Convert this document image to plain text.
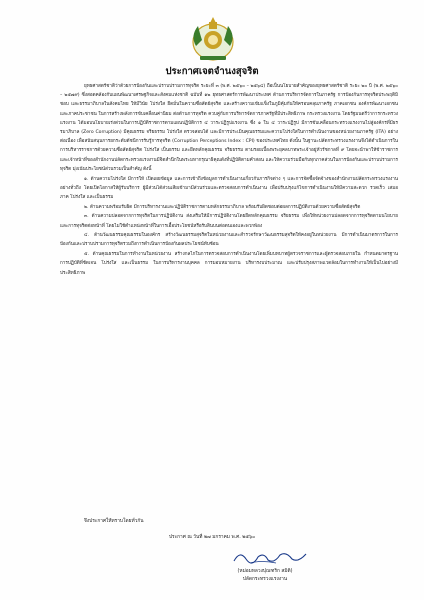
ประกาศเจตจำนงสุจริต

ยุทธศาสตร์ชาติว่าด้วยการป้องกันและปราบปรามการทุจริต ระยะที่ ๓ (พ.ศ. ๒๕๖๐ – ๒๕๖๔) ถือเป็นนโยบายสำคัญของยุทธศาสตร์ชาติ ระยะ ๒๐ ปี (พ.ศ. ๒๕๖๐ – ๒๕๗๙) ซึ่งสอดคล้องกับแผนพัฒนาเศรษฐกิจและสังคมแห่งชาติ ฉบับที่ ๑๒ ยุทธศาสตร์การพัฒนาประเทศ ด้านการบริหารจัดการในภาครัฐ การป้องกันการทุจริตประพฤติมิชอบ และธรรมาภิบาลในสังคมไทย ให้มีวินัย โปร่งใส ยึดมั่นในความซื่อสัตย์สุจริต และสร้างความเข้มแข็งในภูมิคุ้มกันให้ครอบคลุมภาครัฐ ภาคเอกชน องค์กรพัฒนาเอกชน และภาคประชาชน ในการสร้างพลังการขับเคลื่อนค่านิยม ต่อต้านการทุจริต ควบคู่กับการบริหารจัดการภาครัฐที่มีประสิทธิภาพ กระทรวงแรงงาน โดยรัฐมนตรีว่าการกระทรวงแรงงาน ได้มอบนโยบายเร่งด่วนในการปฏิบัติราชการตามแผนปฏิบัติการ ๔ วาระปฏิรูปแรงงาน ซึ่ง ๑ ใน ๔ วาระปฏิรูป มีการขับเคลื่อนกระทรวงแรงงานไปสู่องค์กรที่มีธรรมาภิบาล (Zero Corruption) มีคุณธรรม จริยธรรม โปร่งใส ตรวจสอบได้ และมีการประเมินคุณธรรมและความโปร่งใสในการดำเนินงานของหน่วยงานภาครัฐ (ITA) อย่างต่อเนื่อง เพื่อสนับสนุนการยกระดับดัชนีการรับรู้การทุจริต (Corruption Perceptions Index : CPI) ของประเทศไทย ดังนั้น ในฐานะปลัดกระทรวงแรงงานจึงได้ดำเนินการในการบริหารราชการด้วยความซื่อสัตย์สุจริต โปร่งใส เป็นธรรม และยึดหลักคุณธรรม จริยธรรม ตามรอยเบื้องพระยุคลบาทพระเจ้าอยู่หัวรัชกาลที่ ๙ โดยจะนำพาให้ข้าราชการและเจ้าหน้าที่ของสำนักงานปลัดกระทรวงแรงงานมีจิตสำนึกในพระมหากรุณาธิคุณดังที่ปฏิบัติตามคำสอน และให้ความร่วมมือกับทุกภาคส่วนในการป้องกันและปราบปรามการทุจริต มุ่งเน้นประโยชน์ส่วนรวมเป็นสำคัญ ดังนี้

๑. ด้านความโปร่งใส มีการให้ เปิดเผยข้อมูล และการเข้าถึงข้อมูลการดำเนินงานเกี่ยวกับภารกิจต่าง ๆ และการจัดซื้อจัดจ้างของสำนักงานปลัดกระทรวงแรงงานอย่างทั่วถึง โดยเปิดโอกาสให้ผู้รับบริการ ผู้มีส่วนได้ส่วนเสียเข้ามามีส่วนร่วมและตรวจสอบการดำเนินงาน เพื่อปรับปรุงแก้ไขการดำเนินงานให้มีความสะดวก รวดเร็ว เสมอภาค โปร่งใส และเป็นธรรม

๒. ด้านความพร้อมรับผิด มีการบริหารงานและปฏิบัติราชการตามหลักธรรมาภิบาล พร้อมรับผิดชอบต่อผลการปฏิบัติงานด้วยความซื่อสัตย์สุจริต

๓. ด้านความปลอดจากการทุจริตในการปฏิบัติงาน ส่งเสริมให้มีการปฏิบัติงานโดยยึดหลักคุณธรรม จริยธรรม เพื่อให้หน่วยงานปลอดจากการทุจริตตามนโยบายและการทุจริตต่อหน้าที่ โดยไม่ใช้ตำแหน่งหน้าที่ในการเอื้อประโยชน์หรือรับสินบนต่อตนเองและพวกพ้อง

๔. ด้านวัฒนธรรมคุณธรรมในองค์กร สร้างวัฒนธรรมสุจริตในหน่วยงานและสำรวจรักษาวัฒนธรรมสุจริตให้คงอยู่ในหน่วยงาน มีการดำเนินมาตรการในการป้องกันและปราบปรามการทุจริตรวมถึงการดำเนินการป้องกันผลประโยชน์ทับซ้อน

๕. ด้านคุณธรรมในการทำงานในหน่วยงาน สร้างกลไกในการตรวจสอบการดำเนินงานโดยเพิ่มบทบาทผู้ตรวจราชการและผู้ตรวจสอบภายใน กำหนดมาตรฐานการปฏิบัติที่ชัดเจน โปร่งใส และเป็นธรรม ในการบริหารงานบุคคล การมอบหมายงาน บริหารงบประมาณ และปรับปรุงสภาพแวดล้อมในการทำงานให้เป็นไปอย่างมีประสิทธิภาพ

จึงประกาศให้ทราบโดยทั่วกัน
ประกาศ ณ วันที่ ๒๗ มกราคม พ.ศ. ๒๕๖๐
(หม่อมหลวงปุณฑริก สมิติ)
ปลัดกระทรวงแรงงาน
